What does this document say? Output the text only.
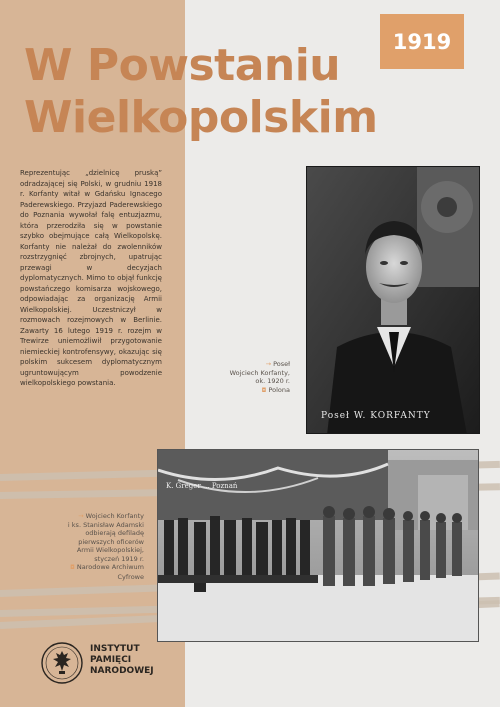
1919
W Powstaniu
Wielkopolskim

Reprezentując „dzielnicę pruską” odradzającej się Polski, w grudniu 1918 r. Korfanty witał w Gdańsku Ignacego Paderewskiego. Przyjazd Paderewskiego do Poznania wywołał falę entuzjazmu, która przerodziła się w powstanie szybko obejmujące całą Wielkopolskę. Korfanty nie należał do zwolenników rozstrzygnięć zbrojnych, upatrując przewagi w decyzjach dyplomatycznych. Mimo to objął funkcję powstańczego komisarza wojskowego, odpowiadając za organizację Armii Wielkopolskiej. Uczestniczył w rozmowach rozejmowych w Berlinie. Zawarty 16 lutego 1919 r. rozejm w Trewirze uniemożliwił przygotowanie niemieckiej kontrofensywy, okazując się polskim sukcesem dyplomatycznym ugruntowującym powodzenie wielkopolskiego powstania.

Poseł W. KORFANTY
→ Poseł
Wojciech Korfanty,
ok. 1920 r.
◘ Polona
K. Greger ... Poznań
→ Wojciech Korfanty
i ks. Stanisław Adamski
odbierają defiladę
pierwszych oficerów
Armii Wielkopolskiej,
styczeń 1919 r.
◘ Narodowe Archiwum Cyfrowe
INSTYTUT
PAMIĘCI
NARODOWEJ
